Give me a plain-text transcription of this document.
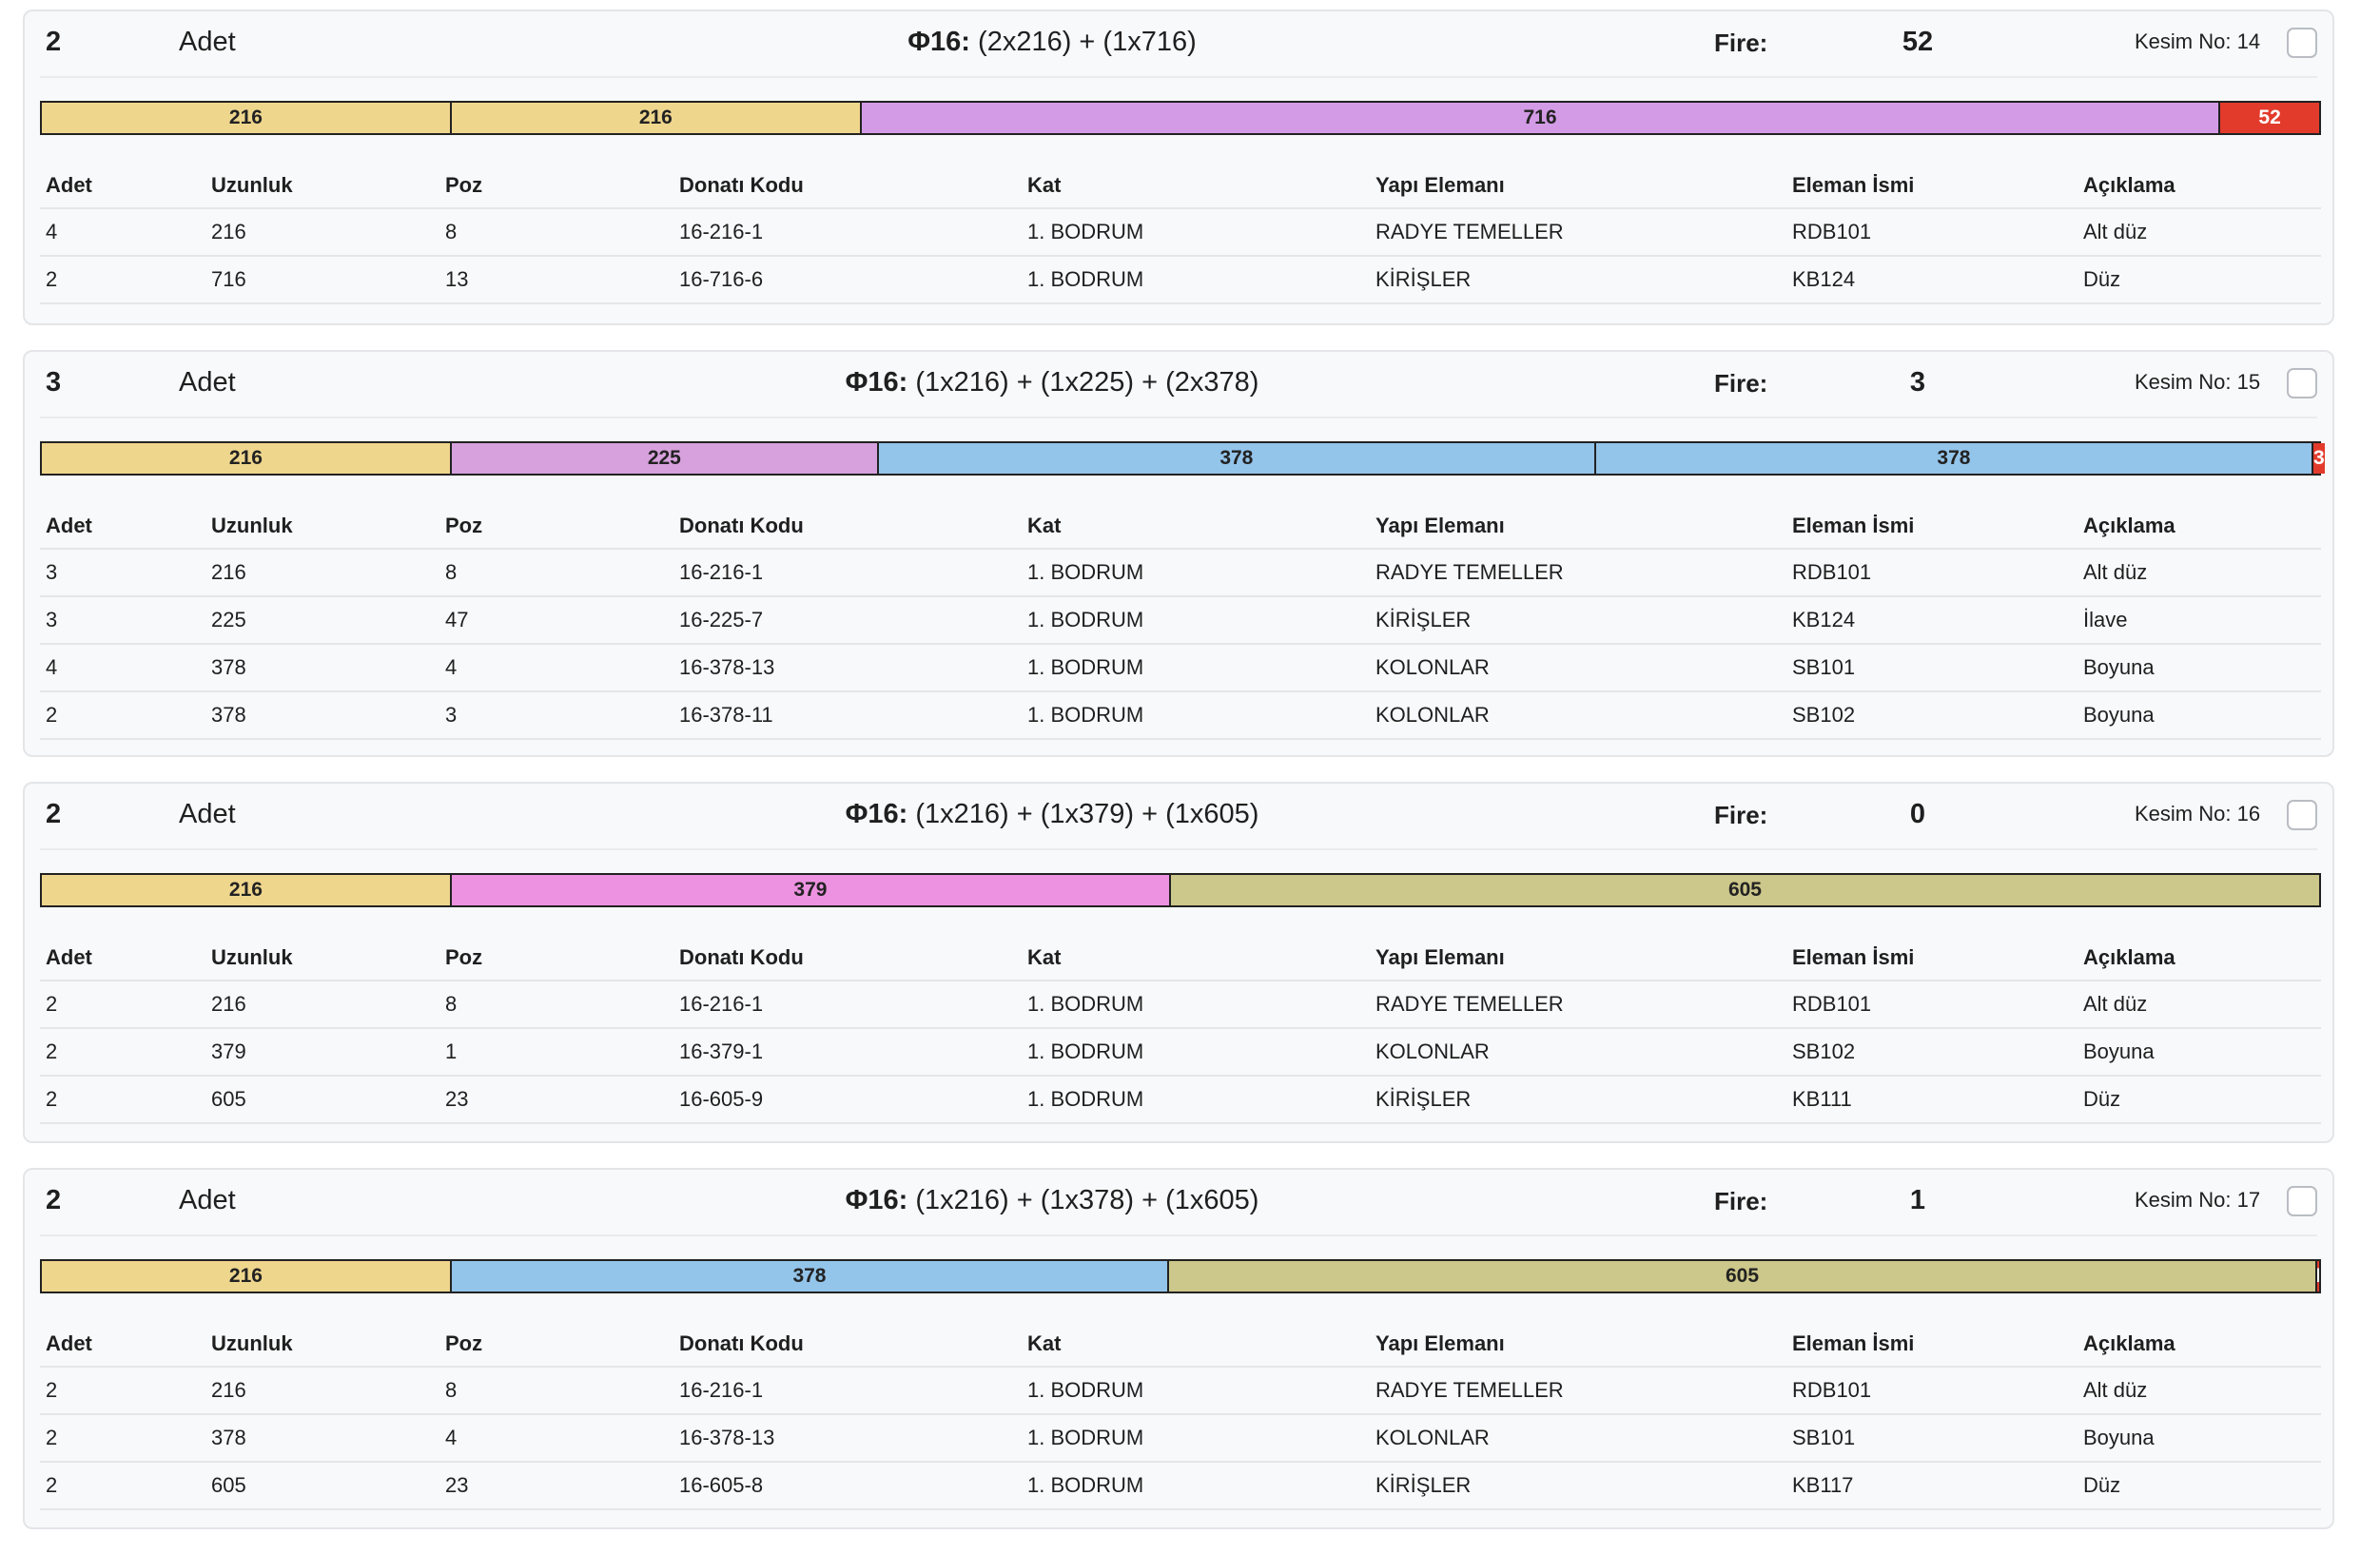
2	Adet	Φ16: (2x216) + (1x716)	Fire:	52	Kesim No: 14
216	216	716	52
Adet	Uzunluk	Poz	Donatı Kodu	Kat	Yapı Elemanı	Eleman İsmi	Açıklama
4	216	8	16-216-1	1. BODRUM	RADYE TEMELLER	RDB101	Alt düz
2	716	13	16-716-6	1. BODRUM	KİRİŞLER	KB124	Düz
3	Adet	Φ16: (1x216) + (1x225) + (2x378)	Fire:	3	Kesim No: 15
216	225	378	378	3
Adet	Uzunluk	Poz	Donatı Kodu	Kat	Yapı Elemanı	Eleman İsmi	Açıklama
3	216	8	16-216-1	1. BODRUM	RADYE TEMELLER	RDB101	Alt düz
3	225	47	16-225-7	1. BODRUM	KİRİŞLER	KB124	İlave
4	378	4	16-378-13	1. BODRUM	KOLONLAR	SB101	Boyuna
2	378	3	16-378-11	1. BODRUM	KOLONLAR	SB102	Boyuna
2	Adet	Φ16: (1x216) + (1x379) + (1x605)	Fire:	0	Kesim No: 16
216	379	605
Adet	Uzunluk	Poz	Donatı Kodu	Kat	Yapı Elemanı	Eleman İsmi	Açıklama
2	216	8	16-216-1	1. BODRUM	RADYE TEMELLER	RDB101	Alt düz
2	379	1	16-379-1	1. BODRUM	KOLONLAR	SB102	Boyuna
2	605	23	16-605-9	1. BODRUM	KİRİŞLER	KB111	Düz
2	Adet	Φ16: (1x216) + (1x378) + (1x605)	Fire:	1	Kesim No: 17
216	378	605
Adet	Uzunluk	Poz	Donatı Kodu	Kat	Yapı Elemanı	Eleman İsmi	Açıklama
2	216	8	16-216-1	1. BODRUM	RADYE TEMELLER	RDB101	Alt düz
2	378	4	16-378-13	1. BODRUM	KOLONLAR	SB101	Boyuna
2	605	23	16-605-8	1. BODRUM	KİRİŞLER	KB117	Düz
